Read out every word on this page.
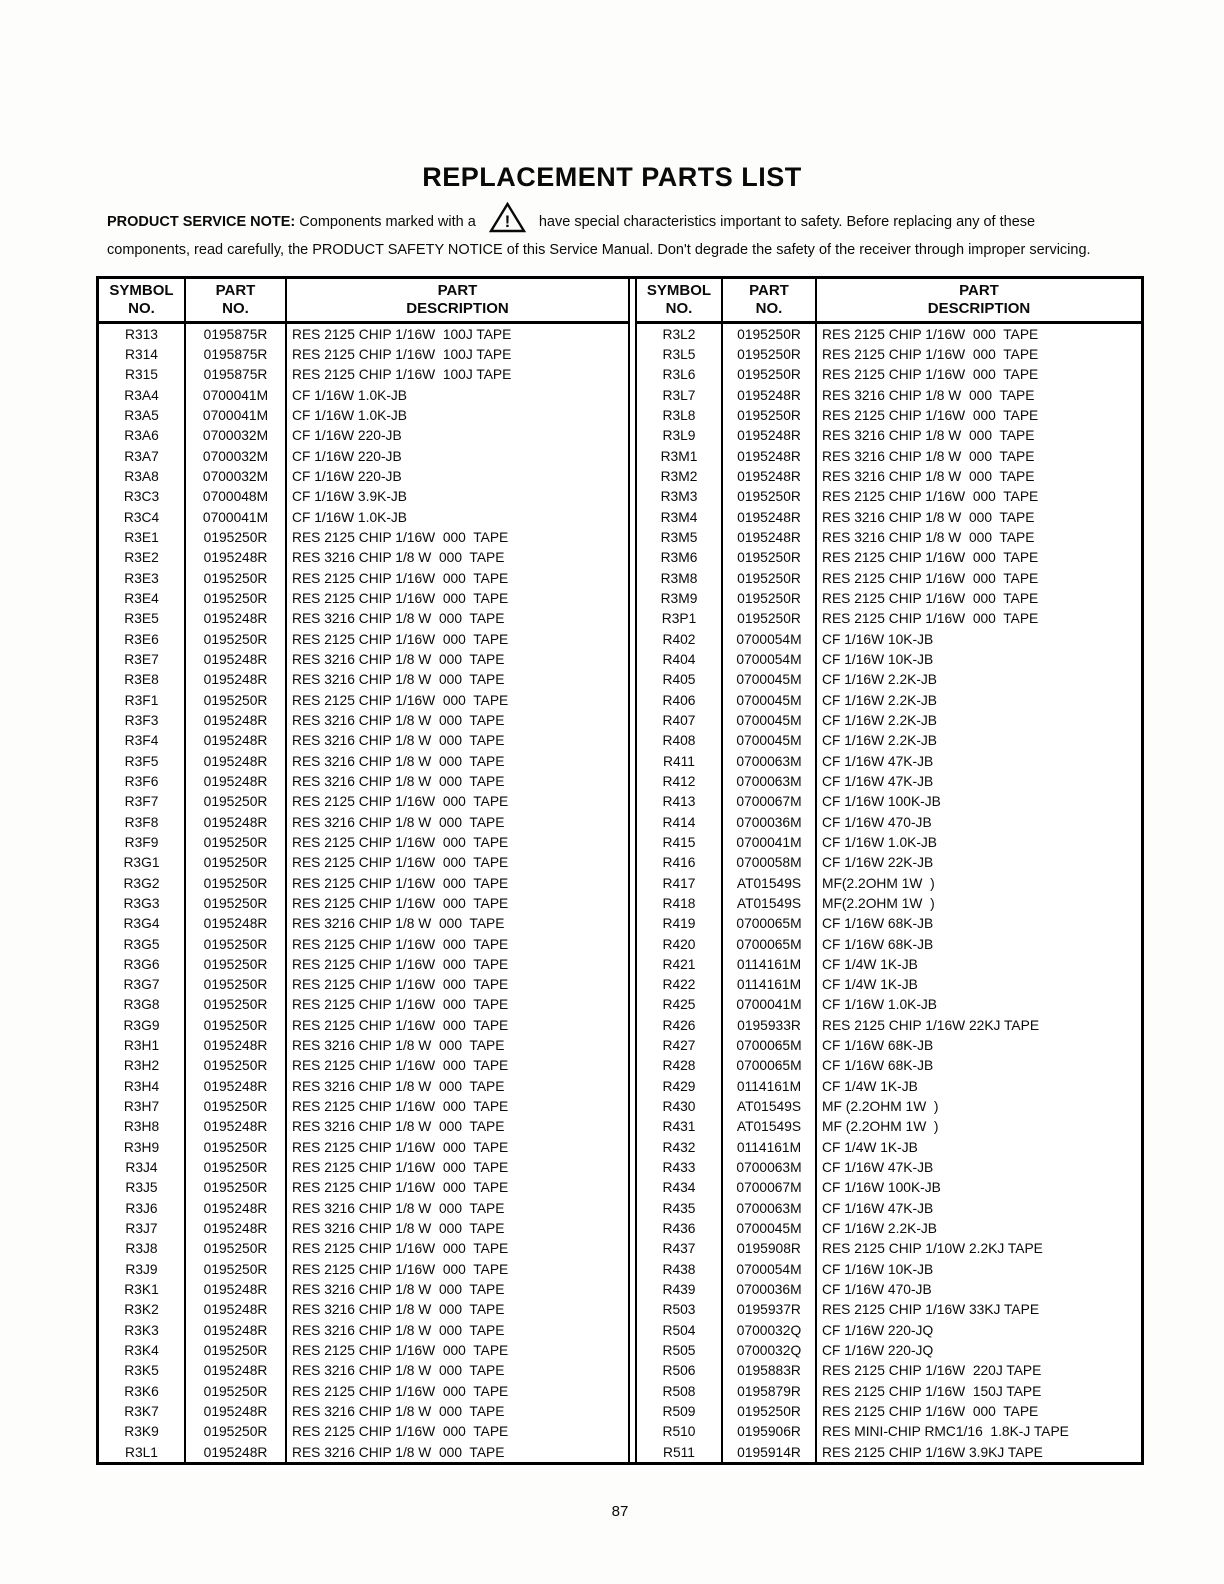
REPLACEMENT PARTS LIST
PRODUCT SERVICE NOTE: Components marked with a ! have special characteristics important to safety. Before replacing any of these
components, read carefully, the PRODUCT SAFETY NOTICE of this Service Manual. Don't degrade the safety of the receiver through improper servicing.
SYMBOL
NO.
PART
NO.
PART
DESCRIPTION
R313	0195875R	RES 2125 CHIP 1/16W  100J TAPE
R314	0195875R	RES 2125 CHIP 1/16W  100J TAPE
R315	0195875R	RES 2125 CHIP 1/16W  100J TAPE
R3A4	0700041M	CF 1/16W 1.0K-JB
R3A5	0700041M	CF 1/16W 1.0K-JB
R3A6	0700032M	CF 1/16W 220-JB
R3A7	0700032M	CF 1/16W 220-JB
R3A8	0700032M	CF 1/16W 220-JB
R3C3	0700048M	CF 1/16W 3.9K-JB
R3C4	0700041M	CF 1/16W 1.0K-JB
R3E1	0195250R	RES 2125 CHIP 1/16W  000  TAPE
R3E2	0195248R	RES 3216 CHIP 1/8 W  000  TAPE
R3E3	0195250R	RES 2125 CHIP 1/16W  000  TAPE
R3E4	0195250R	RES 2125 CHIP 1/16W  000  TAPE
R3E5	0195248R	RES 3216 CHIP 1/8 W  000  TAPE
R3E6	0195250R	RES 2125 CHIP 1/16W  000  TAPE
R3E7	0195248R	RES 3216 CHIP 1/8 W  000  TAPE
R3E8	0195248R	RES 3216 CHIP 1/8 W  000  TAPE
R3F1	0195250R	RES 2125 CHIP 1/16W  000  TAPE
R3F3	0195248R	RES 3216 CHIP 1/8 W  000  TAPE
R3F4	0195248R	RES 3216 CHIP 1/8 W  000  TAPE
R3F5	0195248R	RES 3216 CHIP 1/8 W  000  TAPE
R3F6	0195248R	RES 3216 CHIP 1/8 W  000  TAPE
R3F7	0195250R	RES 2125 CHIP 1/16W  000  TAPE
R3F8	0195248R	RES 3216 CHIP 1/8 W  000  TAPE
R3F9	0195250R	RES 2125 CHIP 1/16W  000  TAPE
R3G1	0195250R	RES 2125 CHIP 1/16W  000  TAPE
R3G2	0195250R	RES 2125 CHIP 1/16W  000  TAPE
R3G3	0195250R	RES 2125 CHIP 1/16W  000  TAPE
R3G4	0195248R	RES 3216 CHIP 1/8 W  000  TAPE
R3G5	0195250R	RES 2125 CHIP 1/16W  000  TAPE
R3G6	0195250R	RES 2125 CHIP 1/16W  000  TAPE
R3G7	0195250R	RES 2125 CHIP 1/16W  000  TAPE
R3G8	0195250R	RES 2125 CHIP 1/16W  000  TAPE
R3G9	0195250R	RES 2125 CHIP 1/16W  000  TAPE
R3H1	0195248R	RES 3216 CHIP 1/8 W  000  TAPE
R3H2	0195250R	RES 2125 CHIP 1/16W  000  TAPE
R3H4	0195248R	RES 3216 CHIP 1/8 W  000  TAPE
R3H7	0195250R	RES 2125 CHIP 1/16W  000  TAPE
R3H8	0195248R	RES 3216 CHIP 1/8 W  000  TAPE
R3H9	0195250R	RES 2125 CHIP 1/16W  000  TAPE
R3J4	0195250R	RES 2125 CHIP 1/16W  000  TAPE
R3J5	0195250R	RES 2125 CHIP 1/16W  000  TAPE
R3J6	0195248R	RES 3216 CHIP 1/8 W  000  TAPE
R3J7	0195248R	RES 3216 CHIP 1/8 W  000  TAPE
R3J8	0195250R	RES 2125 CHIP 1/16W  000  TAPE
R3J9	0195250R	RES 2125 CHIP 1/16W  000  TAPE
R3K1	0195248R	RES 3216 CHIP 1/8 W  000  TAPE
R3K2	0195248R	RES 3216 CHIP 1/8 W  000  TAPE
R3K3	0195248R	RES 3216 CHIP 1/8 W  000  TAPE
R3K4	0195250R	RES 2125 CHIP 1/16W  000  TAPE
R3K5	0195248R	RES 3216 CHIP 1/8 W  000  TAPE
R3K6	0195250R	RES 2125 CHIP 1/16W  000  TAPE
R3K7	0195248R	RES 3216 CHIP 1/8 W  000  TAPE
R3K9	0195250R	RES 2125 CHIP 1/16W  000  TAPE
R3L1	0195248R	RES 3216 CHIP 1/8 W  000  TAPE
SYMBOL
NO.
PART
NO.
PART
DESCRIPTION
R3L2	0195250R	RES 2125 CHIP 1/16W  000  TAPE
R3L5	0195250R	RES 2125 CHIP 1/16W  000  TAPE
R3L6	0195250R	RES 2125 CHIP 1/16W  000  TAPE
R3L7	0195248R	RES 3216 CHIP 1/8 W  000  TAPE
R3L8	0195250R	RES 2125 CHIP 1/16W  000  TAPE
R3L9	0195248R	RES 3216 CHIP 1/8 W  000  TAPE
R3M1	0195248R	RES 3216 CHIP 1/8 W  000  TAPE
R3M2	0195248R	RES 3216 CHIP 1/8 W  000  TAPE
R3M3	0195250R	RES 2125 CHIP 1/16W  000  TAPE
R3M4	0195248R	RES 3216 CHIP 1/8 W  000  TAPE
R3M5	0195248R	RES 3216 CHIP 1/8 W  000  TAPE
R3M6	0195250R	RES 2125 CHIP 1/16W  000  TAPE
R3M8	0195250R	RES 2125 CHIP 1/16W  000  TAPE
R3M9	0195250R	RES 2125 CHIP 1/16W  000  TAPE
R3P1	0195250R	RES 2125 CHIP 1/16W  000  TAPE
R402	0700054M	CF 1/16W 10K-JB
R404	0700054M	CF 1/16W 10K-JB
R405	0700045M	CF 1/16W 2.2K-JB
R406	0700045M	CF 1/16W 2.2K-JB
R407	0700045M	CF 1/16W 2.2K-JB
R408	0700045M	CF 1/16W 2.2K-JB
R411	0700063M	CF 1/16W 47K-JB
R412	0700063M	CF 1/16W 47K-JB
R413	0700067M	CF 1/16W 100K-JB
R414	0700036M	CF 1/16W 470-JB
R415	0700041M	CF 1/16W 1.0K-JB
R416	0700058M	CF 1/16W 22K-JB
R417	AT01549S	MF(2.2OHM 1W  )
R418	AT01549S	MF(2.2OHM 1W  )
R419	0700065M	CF 1/16W 68K-JB
R420	0700065M	CF 1/16W 68K-JB
R421	0114161M	CF 1/4W 1K-JB
R422	0114161M	CF 1/4W 1K-JB
R425	0700041M	CF 1/16W 1.0K-JB
R426	0195933R	RES 2125 CHIP 1/16W 22KJ TAPE
R427	0700065M	CF 1/16W 68K-JB
R428	0700065M	CF 1/16W 68K-JB
R429	0114161M	CF 1/4W 1K-JB
R430	AT01549S	MF (2.2OHM 1W  )
R431	AT01549S	MF (2.2OHM 1W  )
R432	0114161M	CF 1/4W 1K-JB
R433	0700063M	CF 1/16W 47K-JB
R434	0700067M	CF 1/16W 100K-JB
R435	0700063M	CF 1/16W 47K-JB
R436	0700045M	CF 1/16W 2.2K-JB
R437	0195908R	RES 2125 CHIP 1/10W 2.2KJ TAPE
R438	0700054M	CF 1/16W 10K-JB
R439	0700036M	CF 1/16W 470-JB
R503	0195937R	RES 2125 CHIP 1/16W 33KJ TAPE
R504	0700032Q	CF 1/16W 220-JQ
R505	0700032Q	CF 1/16W 220-JQ
R506	0195883R	RES 2125 CHIP 1/16W  220J TAPE
R508	0195879R	RES 2125 CHIP 1/16W  150J TAPE
R509	0195250R	RES 2125 CHIP 1/16W  000  TAPE
R510	0195906R	RES MINI-CHIP RMC1/16  1.8K-J TAPE
R511	0195914R	RES 2125 CHIP 1/16W 3.9KJ TAPE
87
